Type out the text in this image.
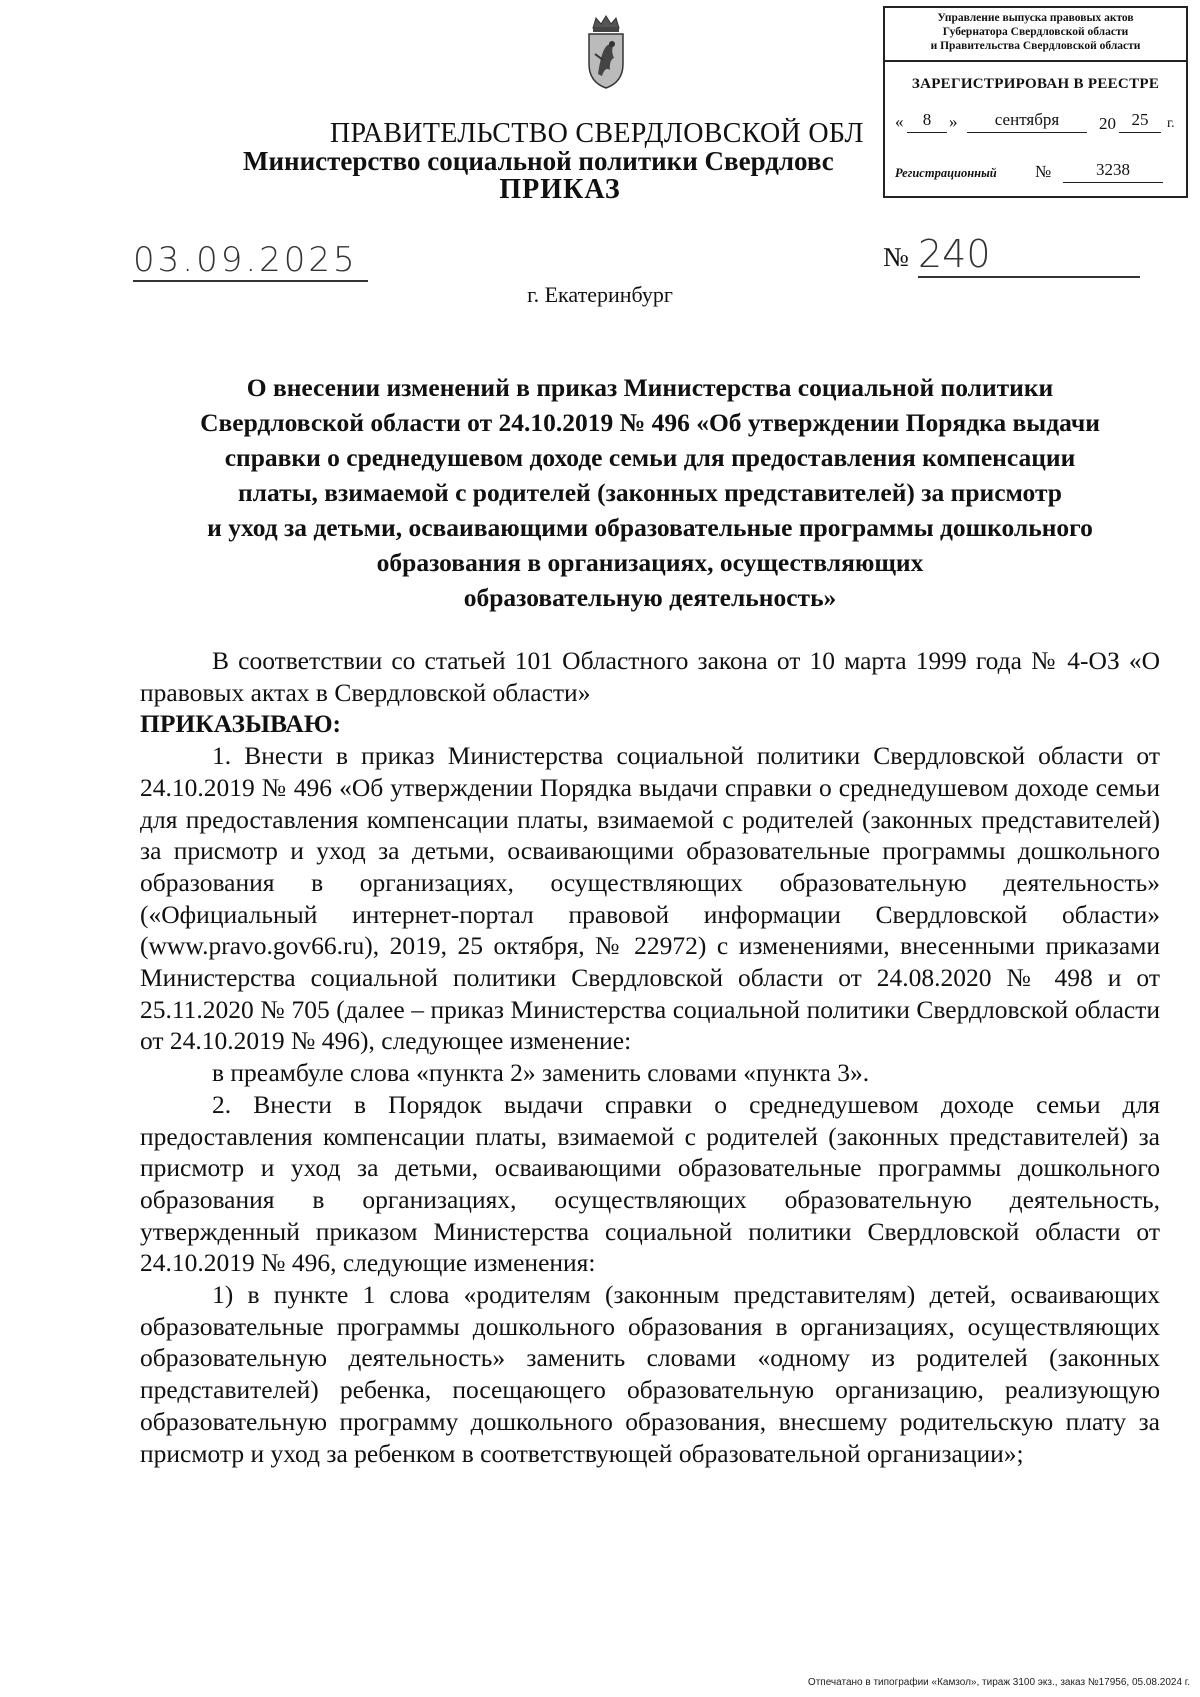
Управление выпуска правовых актов
Губернатора Свердловской области
и Правительства Свердловской области
ЗАРЕГИСТРИРОВАН В РЕЕСТРЕ
«	8	»	сентября	20 25	г.
Регистрационный №	3238
ПРАВИТЕЛЬСТВО СВЕРДЛОВСКОЙ ОБЛ
Министерство социальной политики Свердловс
ПРИКАЗ
03.09.2025	№ 240
г. Екатеринбург
О внесении изменений в приказ Министерства социальной политики
Свердловской области от 24.10.2019 № 496 «Об утверждении Порядка выдачи
справки о среднедушевом доходе семьи для предоставления компенсации
платы, взимаемой с родителей (законных представителей) за присмотр
и уход за детьми, осваивающими образовательные программы дошкольного
образования в организациях, осуществляющих
образовательную деятельность»

В соответствии со статьей 101 Областного закона от 10 марта 1999 года № 4-ОЗ «О правовых актах в Свердловской области»

ПРИКАЗЫВАЮ:

1. Внести в приказ Министерства социальной политики Свердловской области от 24.10.2019 № 496 «Об утверждении Порядка выдачи справки о среднедушевом доходе семьи для предоставления компенсации платы, взимаемой с родителей (законных представителей) за присмотр и уход за детьми, осваивающими образовательные программы дошкольного образования в организациях, осуществляющих образовательную деятельность» («Официальный интернет-портал правовой информации Свердловской области» (www.pravo.gov66.ru), 2019, 25 октября, № 22972) с изменениями, внесенными приказами Министерства социальной политики Свердловской области от 24.08.2020 № 498 и от 25.11.2020 № 705 (далее – приказ Министерства социальной политики Свердловской области от 24.10.2019 № 496), следующее изменение:

в преамбуле слова «пункта 2» заменить словами «пункта 3».

2. Внести в Порядок выдачи справки о среднедушевом доходе семьи для предоставления компенсации платы, взимаемой с родителей (законных представителей) за присмотр и уход за детьми, осваивающими образовательные программы дошкольного образования в организациях, осуществляющих образовательную деятельность, утвержденный приказом Министерства социальной политики Свердловской области от 24.10.2019 № 496, следующие изменения:

1) в пункте 1 слова «родителям (законным представителям) детей, осваивающих образовательные программы дошкольного образования в организациях, осуществляющих образовательную деятельность» заменить словами «одному из родителей (законных представителей) ребенка, посещающего образовательную организацию, реализующую образовательную программу дошкольного образования, внесшему родительскую плату за присмотр и уход за ребенком в соответствующей образовательной организации»;

Отпечатано в типографии «Камзол», тираж 3100 экз., заказ №17956, 05.08.2024 г.
